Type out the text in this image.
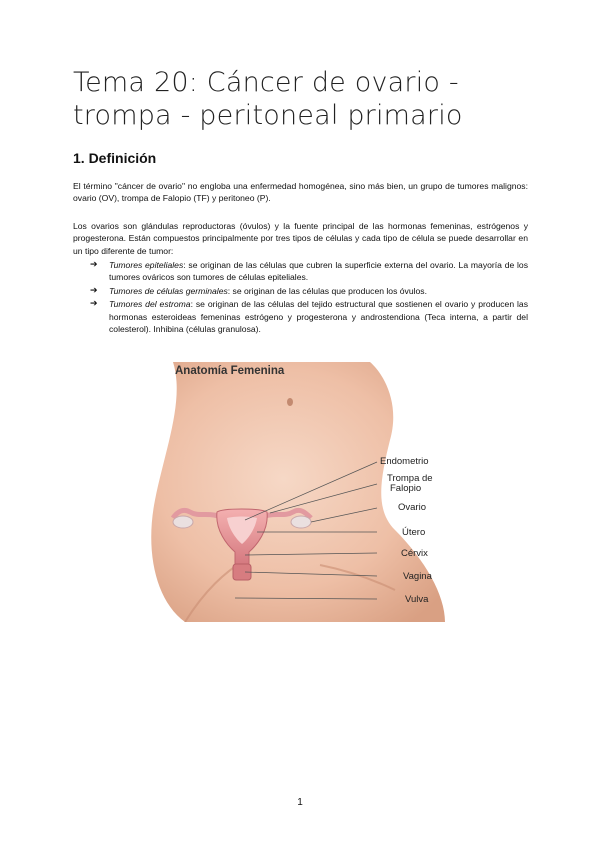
Tema 20: Cáncer de ovario - trompa - peritoneal primario
1. Definición

El término "cáncer de ovario" no engloba una enfermedad homogénea, sino más bien, un grupo de tumores malignos: ovario (OV), trompa de Falopio (TF) y peritoneo (P).

Los ovarios son glándulas reproductoras (óvulos) y la fuente principal de las hormonas femeninas, estrógenos y progesterona. Están compuestos principalmente por tres tipos de células y cada tipo de célula se puede desarrollar en un tipo diferente de tumor:

➔ Tumores epiteliales: se originan de las células que cubren la superficie externa del ovario. La mayoría de los tumores ováricos son tumores de células epiteliales.
➔ Tumores de células germinales: se originan de las células que producen los óvulos.
➔ Tumores del estroma: se originan de las células del tejido estructural que sostienen el ovario y producen las hormonas esteroideas femeninas estrógeno y progesterona y androstendiona (Teca interna, a partir del colesterol). Inhibina (células granulosa).
Anatomía Femenina
Endometrio
Trompa de
Falopio
Ovario
Útero
Cérvix
Vagina
Vulva
1
